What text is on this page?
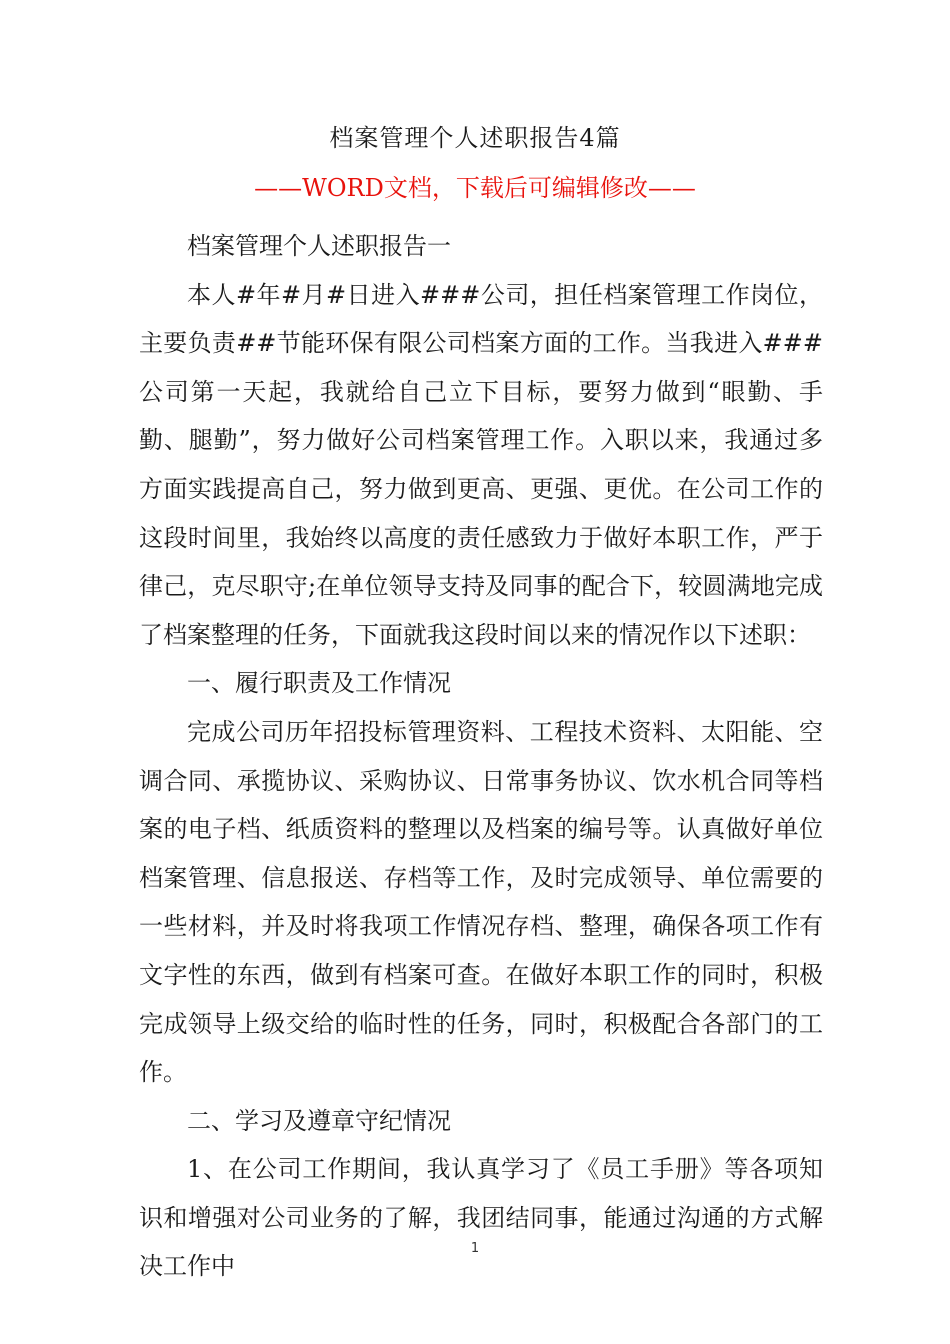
档案管理个人述职报告4篇
——WORD文档，下载后可编辑修改——

档案管理个人述职报告一

本人#年#月#日进入###公司，担任档案管理工作岗位，主要负责##节能环保有限公司档案方面的工作。当我进入###公司第一天起，我就给自己立下目标，要努力做到“眼勤、手勤、腿勤”，努力做好公司档案管理工作。入职以来，我通过多方面实践提高自己，努力做到更高、更强、更优。在公司工作的这段时间里，我始终以高度的责任感致力于做好本职工作，严于律己，克尽职守;在单位领导支持及同事的配合下，较圆满地完成了档案整理的任务，下面就我这段时间以来的情况作以下述职：

一、履行职责及工作情况

完成公司历年招投标管理资料、工程技术资料、太阳能、空调合同、承揽协议、采购协议、日常事务协议、饮水机合同等档案的电子档、纸质资料的整理以及档案的编号等。认真做好单位档案管理、信息报送、存档等工作，及时完成领导、单位需要的一些材料，并及时将我项工作情况存档、整理，确保各项工作有文字性的东西，做到有档案可查。在做好本职工作的同时，积极完成领导上级交给的临时性的任务，同时，积极配合各部门的工作。

二、学习及遵章守纪情况

1、在公司工作期间，我认真学习了《员工手册》等各项知识和增强对公司业务的了解，我团结同事，能通过沟通的方式解决工作中

1
